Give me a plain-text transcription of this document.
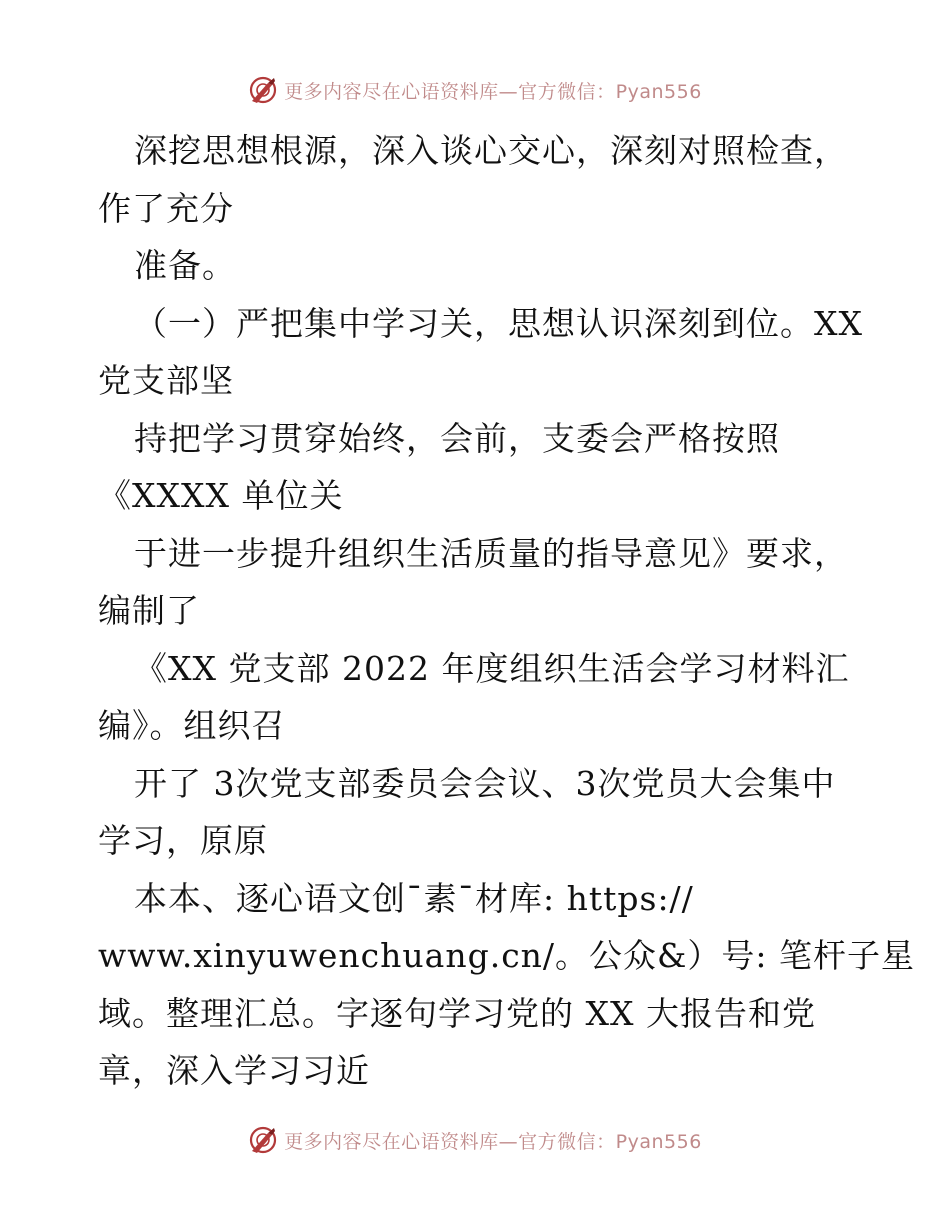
更多内容尽在心语资料库—官方微信：Pyan556
深挖思想根源，深入谈心交心，深刻对照检查，
作了充分
准备。
（一）严把集中学习关，思想认识深刻到位。XX
党支部坚
持把学习贯穿始终，会前，支委会严格按照
《XXXX 单位关
于进一步提升组织生活质量的指导意见》要求，
编制了
《XX 党支部 2022 年度组织生活会学习材料汇
编》。组织召
开了 3次党支部委员会会议、3次党员大会集中
学习，原原
本本、逐心语文创¯素¯材库: https://
www.xinyuwenchuang.cn/。公众&）号: 笔杆子星
域。整理汇总。字逐句学习党的 XX 大报告和党
章，深入学习习近
更多内容尽在心语资料库—官方微信：Pyan556
